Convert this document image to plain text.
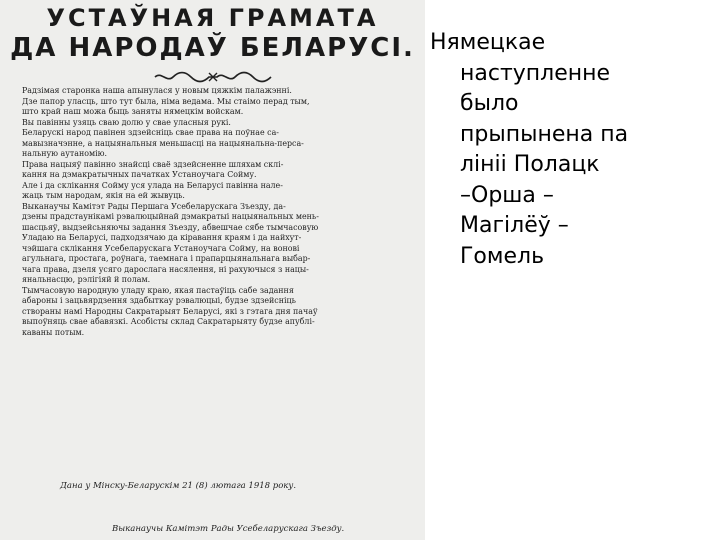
УСТАЎНАЯ ГРАМАТА
ДА НАРОДАЎ БЕЛАРУСІ.
Радзімая старонка наша апынулася у новым цяжкім палажэнні.
Дзе папор уласць, што тут была, німа ведама. Мы стаімо перад тым,
што край наш можа быць заняты нямецкім войскам.
Вы павінны узяць сваю долю у свае уласныя рукі.
Беларускі народ павінен здзейсніць свае права на поўнае са-
мавызначэнне, а нацыянальныя меньшасці на нацыянальна-перса-
нальную аутаномію.
Права нацыяў павінно знайсці сваё здзейсненне шляхам склі-
кання на дэмакратычных пачатках Устаноучага Сойму.
Але і да склікання Сойму уся улада на Беларусі павінна нале-
жаць тым народам, якія на ей жывуць.
Выканаучы Камітэт Рады Першага Усебеларускага Зъезду, да-
дзены прадстаунікамі рэвалюцыйнай дэмакратыі нацыянальных мень-
шасцьяў, выдзейсьняючы задання Зъезду, абвешчае сябе тымчасовую
Уладаю на Беларусі, падходзячаю да кіравання краям і да найхут-
чэйшага склікання Усебеларускага Устаноучага Сойму, на вонові
агульнага, простага, роўнага, таемнага і прапарцыянальнага выбар-
чага права, дзеля усяго дарослага насялення, ні рахуючыся з нацы-
янальнасцю, рэлігіяй й полам.
Тымчасовую народную уладу краю, якая пастаўіць сабе задання
абароны і зацьвярдзення здабыткау рэвалюцыі, будзе здзейсніць
створаны намі Народны Сакратарыят Беларусі, які з гэтага дня пачаў
выпоўняць свае абавязкі. Асобісты склад Сакратарыяту будзе апублі-
каваны потым.
Дана у Мінску-Беларускім 21 (8) лютага 1918 року.
Выканаучы Камітэт Рады Усебеларускага Зъезду.
Нямецкае
наступленне
было
прыпынена па
лініі Полацк
–Орша –
Магілёў –
Гомель
